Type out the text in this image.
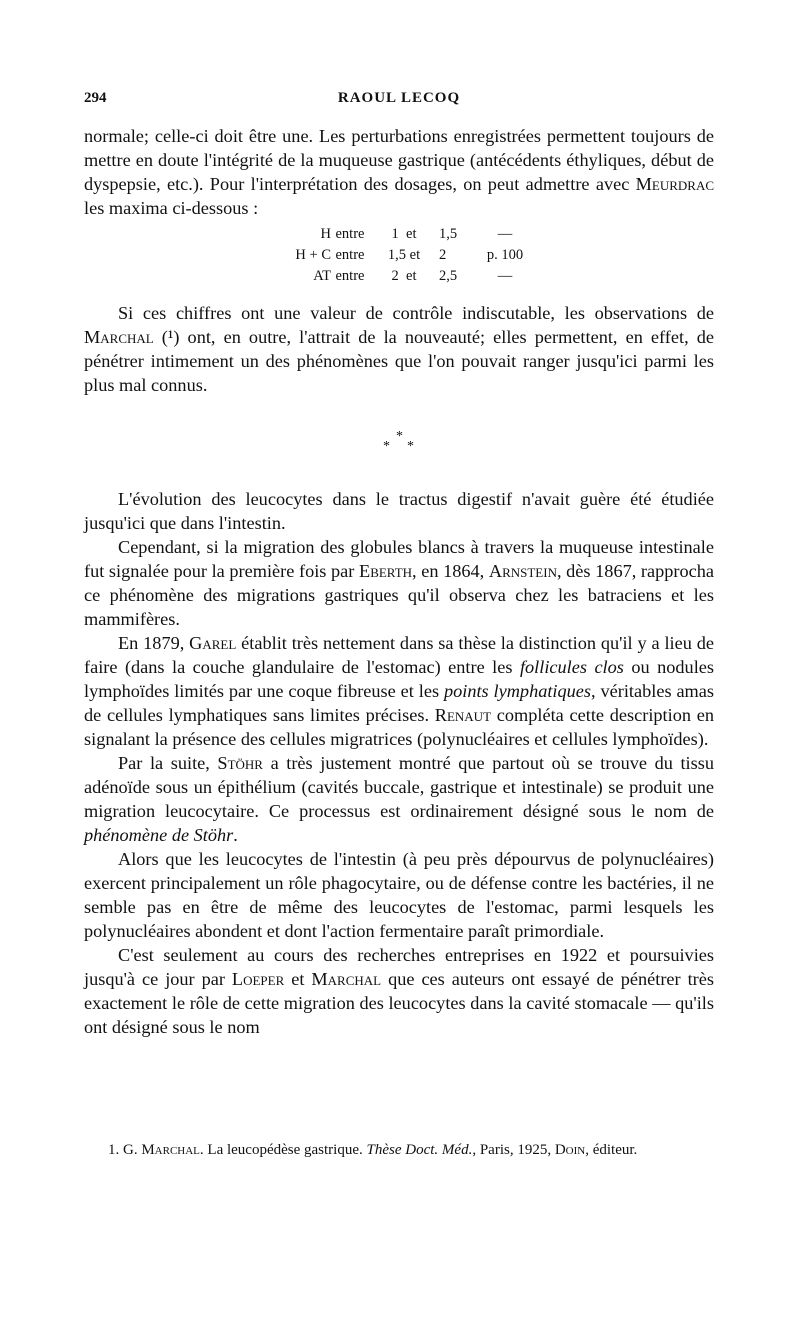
294	RAOUL LECOQ

normale; celle-ci doit être une. Les perturbations enregistrées permettent toujours de mettre en doute l'intégrité de la muqueuse gastrique (antécédents éthyliques, début de dyspepsie, etc.). Pour l'interprétation des dosages, on peut admettre avec Meurdrac les maxima ci-dessous :

H entre	1 et	1,5	—
H + C entre	1,5 et	2	p. 100
AT entre	2 et	2,5	—

Si ces chiffres ont une valeur de contrôle indiscutable, les observations de Marchal (¹) ont, en outre, l'attrait de la nouveauté; elles permettent, en effet, de pénétrer intimement un des phénomènes que l'on pouvait ranger jusqu'ici parmi les plus mal connus.

*
* *

L'évolution des leucocytes dans le tractus digestif n'avait guère été étudiée jusqu'ici que dans l'intestin.

Cependant, si la migration des globules blancs à travers la muqueuse intestinale fut signalée pour la première fois par Eberth, en 1864, Arnstein, dès 1867, rapprocha ce phénomène des migrations gastriques qu'il observa chez les batraciens et les mammifères.

En 1879, Garel établit très nettement dans sa thèse la distinction qu'il y a lieu de faire (dans la couche glandulaire de l'estomac) entre les follicules clos ou nodules lymphoïdes limités par une coque fibreuse et les points lymphatiques, véritables amas de cellules lymphatiques sans limites précises. Renaut compléta cette description en signalant la présence des cellules migratrices (polynucléaires et cellules lymphoïdes).

Par la suite, Stöhr a très justement montré que partout où se trouve du tissu adénoïde sous un épithélium (cavités buccale, gastrique et intestinale) se produit une migration leucocytaire. Ce processus est ordinairement désigné sous le nom de phénomène de Stöhr.

Alors que les leucocytes de l'intestin (à peu près dépourvus de polynucléaires) exercent principalement un rôle phagocytaire, ou de défense contre les bactéries, il ne semble pas en être de même des leucocytes de l'estomac, parmi lesquels les polynucléaires abondent et dont l'action fermentaire paraît primordiale.

C'est seulement au cours des recherches entreprises en 1922 et poursuivies jusqu'à ce jour par Loeper et Marchal que ces auteurs ont essayé de pénétrer très exactement le rôle de cette migration des leucocytes dans la cavité stomacale — qu'ils ont désigné sous le nom

1. G. Marchal. La leucopédèse gastrique. Thèse Doct. Méd., Paris, 1925, Doin, éditeur.
